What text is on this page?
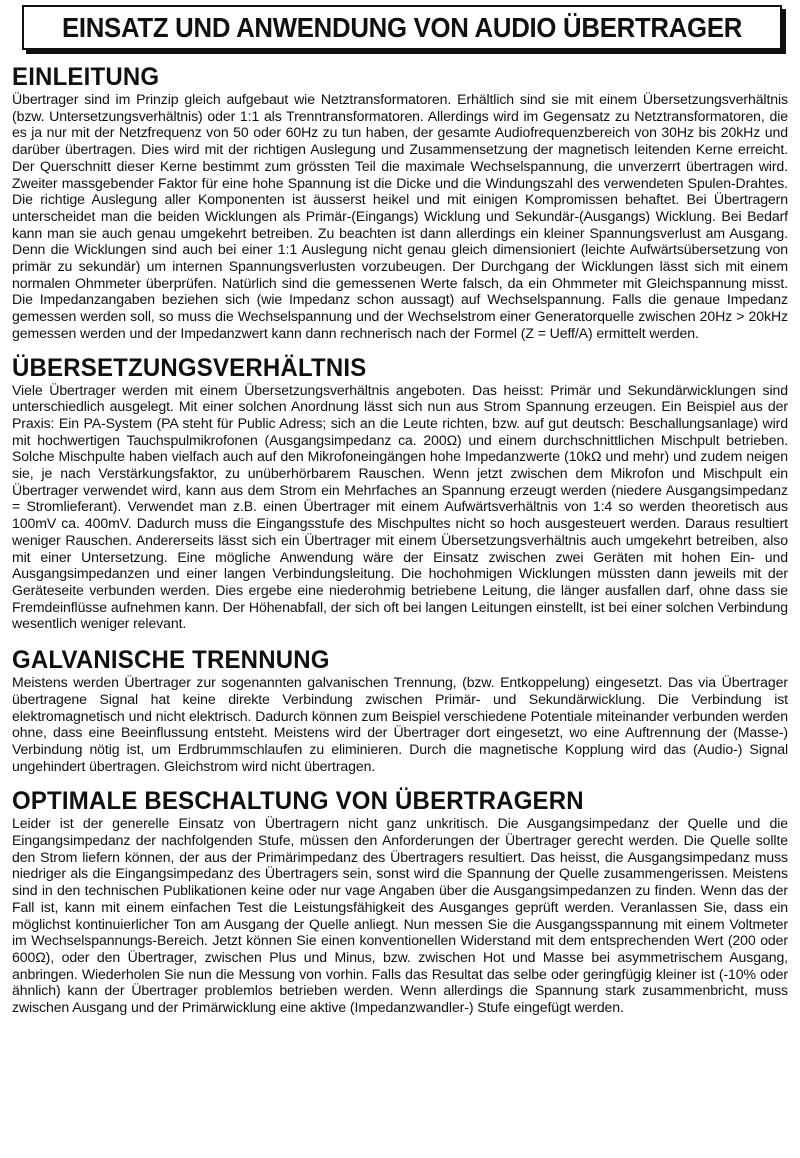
EINSATZ UND ANWENDUNG VON AUDIO ÜBERTRAGER
EINLEITUNG

Übertrager sind im Prinzip gleich aufgebaut wie Netztransformatoren. Erhältlich sind sie mit einem Übersetzungsverhältnis (bzw. Untersetzungsverhältnis) oder 1:1 als Trenntransformatoren. Allerdings wird im Gegensatz zu Netztransformatoren, die es ja nur mit der Netzfrequenz von 50 oder 60Hz zu tun haben, der gesamte Audiofrequenzbereich von 30Hz bis 20kHz und darüber übertragen. Dies wird mit der richtigen Auslegung und Zusammensetzung der magnetisch leitenden Kerne erreicht. Der Querschnitt dieser Kerne bestimmt zum grössten Teil die maximale Wechselspannung, die unverzerrt übertragen wird. Zweiter massgebender Faktor für eine hohe Spannung ist die Dicke und die Windungszahl des verwendeten Spulen-Drahtes. Die richtige Auslegung aller Komponenten ist äusserst heikel und mit einigen Kompromissen behaftet. Bei Übertragern unterscheidet man die beiden Wicklungen als Primär-(Eingangs) Wicklung und Sekundär-(Ausgangs) Wicklung. Bei Bedarf kann man sie auch genau umgekehrt betreiben. Zu beachten ist dann allerdings ein kleiner Spannungsverlust am Ausgang. Denn die Wicklungen sind auch bei einer 1:1 Auslegung nicht genau gleich dimensioniert (leichte Aufwärtsübersetzung von primär zu sekundär) um internen Spannungsverlusten vorzubeugen. Der Durchgang der Wicklungen lässt sich mit einem normalen Ohmmeter überprüfen. Natürlich sind die gemessenen Werte falsch, da ein Ohmmeter mit Gleichspannung misst. Die Impedanzangaben beziehen sich (wie Impedanz schon aussagt) auf Wechselspannung. Falls die genaue Impedanz gemessen werden soll, so muss die Wechselspannung und der Wechselstrom einer Generatorquelle zwischen 20Hz > 20kHz gemessen werden und der Impedanzwert kann dann rechnerisch nach der Formel (Z = Ueff/A) ermittelt werden.

ÜBERSETZUNGSVERHÄLTNIS

Viele Übertrager werden mit einem Übersetzungsverhältnis angeboten. Das heisst: Primär und Sekundärwicklungen sind unterschiedlich ausgelegt. Mit einer solchen Anordnung lässt sich nun aus Strom Spannung erzeugen. Ein Beispiel aus der Praxis: Ein PA-System (PA steht für Public Adress; sich an die Leute richten, bzw. auf gut deutsch: Beschallungsanlage) wird mit hochwertigen Tauchspulmikrofonen (Ausgangsimpedanz ca. 200Ω) und einem durchschnittlichen Mischpult betrieben. Solche Mischpulte haben vielfach auch auf den Mikrofoneingängen hohe Impedanzwerte (10kΩ und mehr) und zudem neigen sie, je nach Verstärkungsfaktor, zu unüberhörbarem Rauschen. Wenn jetzt zwischen dem Mikrofon und Mischpult ein Übertrager verwendet wird, kann aus dem Strom ein Mehrfaches an Spannung erzeugt werden (niedere Ausgangsimpedanz = Stromlieferant). Verwendet man z.B. einen Übertrager mit einem Aufwärtsverhältnis von 1:4 so werden theoretisch aus 100mV ca. 400mV. Dadurch muss die Eingangsstufe des Mischpultes nicht so hoch ausgesteuert werden. Daraus resultiert weniger Rauschen. Andererseits lässt sich ein Übertrager mit einem Übersetzungsverhältnis auch umgekehrt betreiben, also mit einer Untersetzung. Eine mögliche Anwendung wäre der Einsatz zwischen zwei Geräten mit hohen Ein- und Ausgangsimpedanzen und einer langen Verbindungsleitung. Die hochohmigen Wicklungen müssten dann jeweils mit der Geräteseite verbunden werden. Dies ergebe eine niederohmig betriebene Leitung, die länger ausfallen darf, ohne dass sie Fremdeinflüsse aufnehmen kann. Der Höhenabfall, der sich oft bei langen Leitungen einstellt, ist bei einer solchen Verbindung wesentlich weniger relevant.

GALVANISCHE TRENNUNG

Meistens werden Übertrager zur sogenannten galvanischen Trennung, (bzw. Entkoppelung) eingesetzt. Das via Übertrager übertragene Signal hat keine direkte Verbindung zwischen Primär- und Sekundärwicklung. Die Verbindung ist elektromagnetisch und nicht elektrisch. Dadurch können zum Beispiel verschiedene Potentiale miteinander verbunden werden ohne, dass eine Beeinflussung entsteht. Meistens wird der Übertrager dort eingesetzt, wo eine Auftrennung der (Masse-) Verbindung nötig ist, um Erdbrummschlaufen zu eliminieren. Durch die magnetische Kopplung wird das (Audio-) Signal ungehindert übertragen. Gleichstrom wird nicht übertragen.

OPTIMALE BESCHALTUNG VON ÜBERTRAGERN

Leider ist der generelle Einsatz von Übertragern nicht ganz unkritisch. Die Ausgangsimpedanz der Quelle und die Eingangsimpedanz der nachfolgenden Stufe, müssen den Anforderungen der Übertrager gerecht werden. Die Quelle sollte den Strom liefern können, der aus der Primärimpedanz des Übertragers resultiert. Das heisst, die Ausgangsimpedanz muss niedriger als die Eingangsimpedanz des Übertragers sein, sonst wird die Spannung der Quelle zusammengerissen. Meistens sind in den technischen Publikationen keine oder nur vage Angaben über die Ausgangsimpedanzen zu finden. Wenn das der Fall ist, kann mit einem einfachen Test die Leistungsfähigkeit des Ausganges geprüft werden. Veranlassen Sie, dass ein möglichst kontinuierlicher Ton am Ausgang der Quelle anliegt. Nun messen Sie die Ausgangsspannung mit einem Voltmeter im Wechselspannungs-Bereich. Jetzt können Sie einen konventionellen Widerstand mit dem entsprechenden Wert (200 oder 600Ω), oder den Übertrager, zwischen Plus und Minus, bzw. zwischen Hot und Masse bei asymmetrischem Ausgang, anbringen. Wiederholen Sie nun die Messung von vorhin. Falls das Resultat das selbe oder geringfügig kleiner ist (-10% oder ähnlich) kann der Übertrager problemlos betrieben werden. Wenn allerdings die Spannung stark zusammenbricht, muss zwischen Ausgang und der Primärwicklung eine aktive (Impedanzwandler-) Stufe eingefügt werden.
